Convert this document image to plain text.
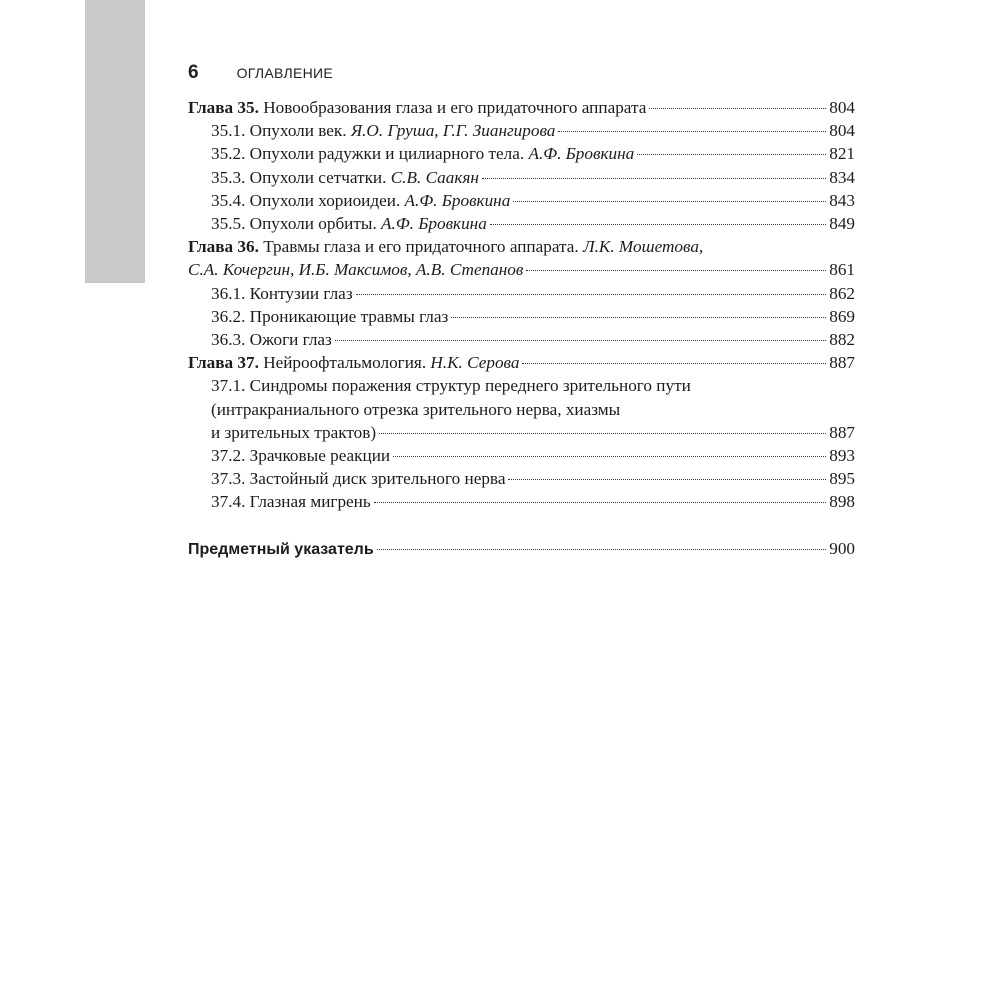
6	ОГЛАВЛЕНИЕ
Глава 35.
Новообразования глаза и его придаточного аппарата	804
35.1. Опухоли век.
Я.О. Груша, Г.Г. Зиангирова	804
35.2. Опухоли радужки и цилиарного тела.
А.Ф. Бровкина	821
35.3. Опухоли сетчатки.
С.В. Саакян	834
35.4. Опухоли хориоидеи.
А.Ф. Бровкина	843
35.5. Опухоли орбиты.
А.Ф. Бровкина	849
Глава 36.
Травмы глаза и его придаточного аппарата.
Л.К. Мошетова,
С.А. Кочергин, И.Б. Максимов, А.В. Степанов	861
36.1. Контузии глаз	862
36.2. Проникающие травмы глаз	869
36.3. Ожоги глаз	882
Глава 37.
Нейроофтальмология.
Н.К. Серова	887
37.1. Синдромы поражения структур переднего зрительного пути
(интракраниального отрезка зрительного нерва, хиазмы
и зрительных трактов)	887
37.2. Зрачковые реакции	893
37.3. Застойный диск зрительного нерва	895
37.4. Глазная мигрень	898
Предметный указатель	900
